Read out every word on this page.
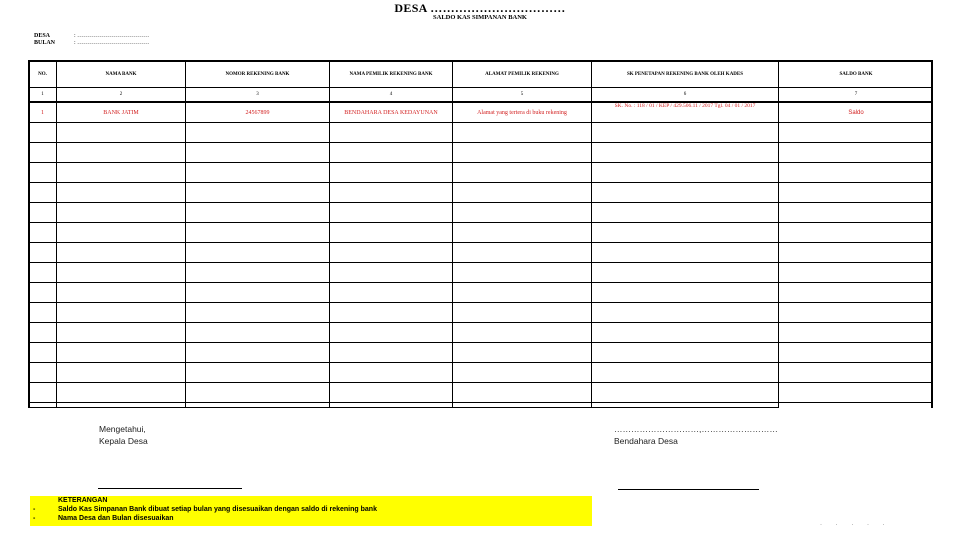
DESA ……………………………
SALDO KAS SIMPANAN BANK
DESA	: ………………………………
BULAN	: ………………………………
NO.	NAMA BANK	NOMOR REKENING BANK	NAMA PEMILIK REKENING BANK	ALAMAT PEMILIK REKENING	SK PENETAPAN REKENING BANK OLEH KADES	SALDO BANK
1	2	3	4	5	6	7
1	BANK JATIM	24567899	BENDAHARA DESA KEDAYUNAN	Alamat yang tertera di buku rekening	SK. No. : 118 / 01 / KEP / 429.506.11 / 2017 Tgl. 04 / 01 / 2017	Saldo

Mengetahui,
Kepala Desa
…………………………,………………………
Bendahara Desa
KETERANGAN
-	Saldo Kas Simpanan Bank dibuat setiap bulan yang disesuaikan dengan saldo di rekening bank
-	Nama Desa dan Bulan disesuaikan
· · · · ·
